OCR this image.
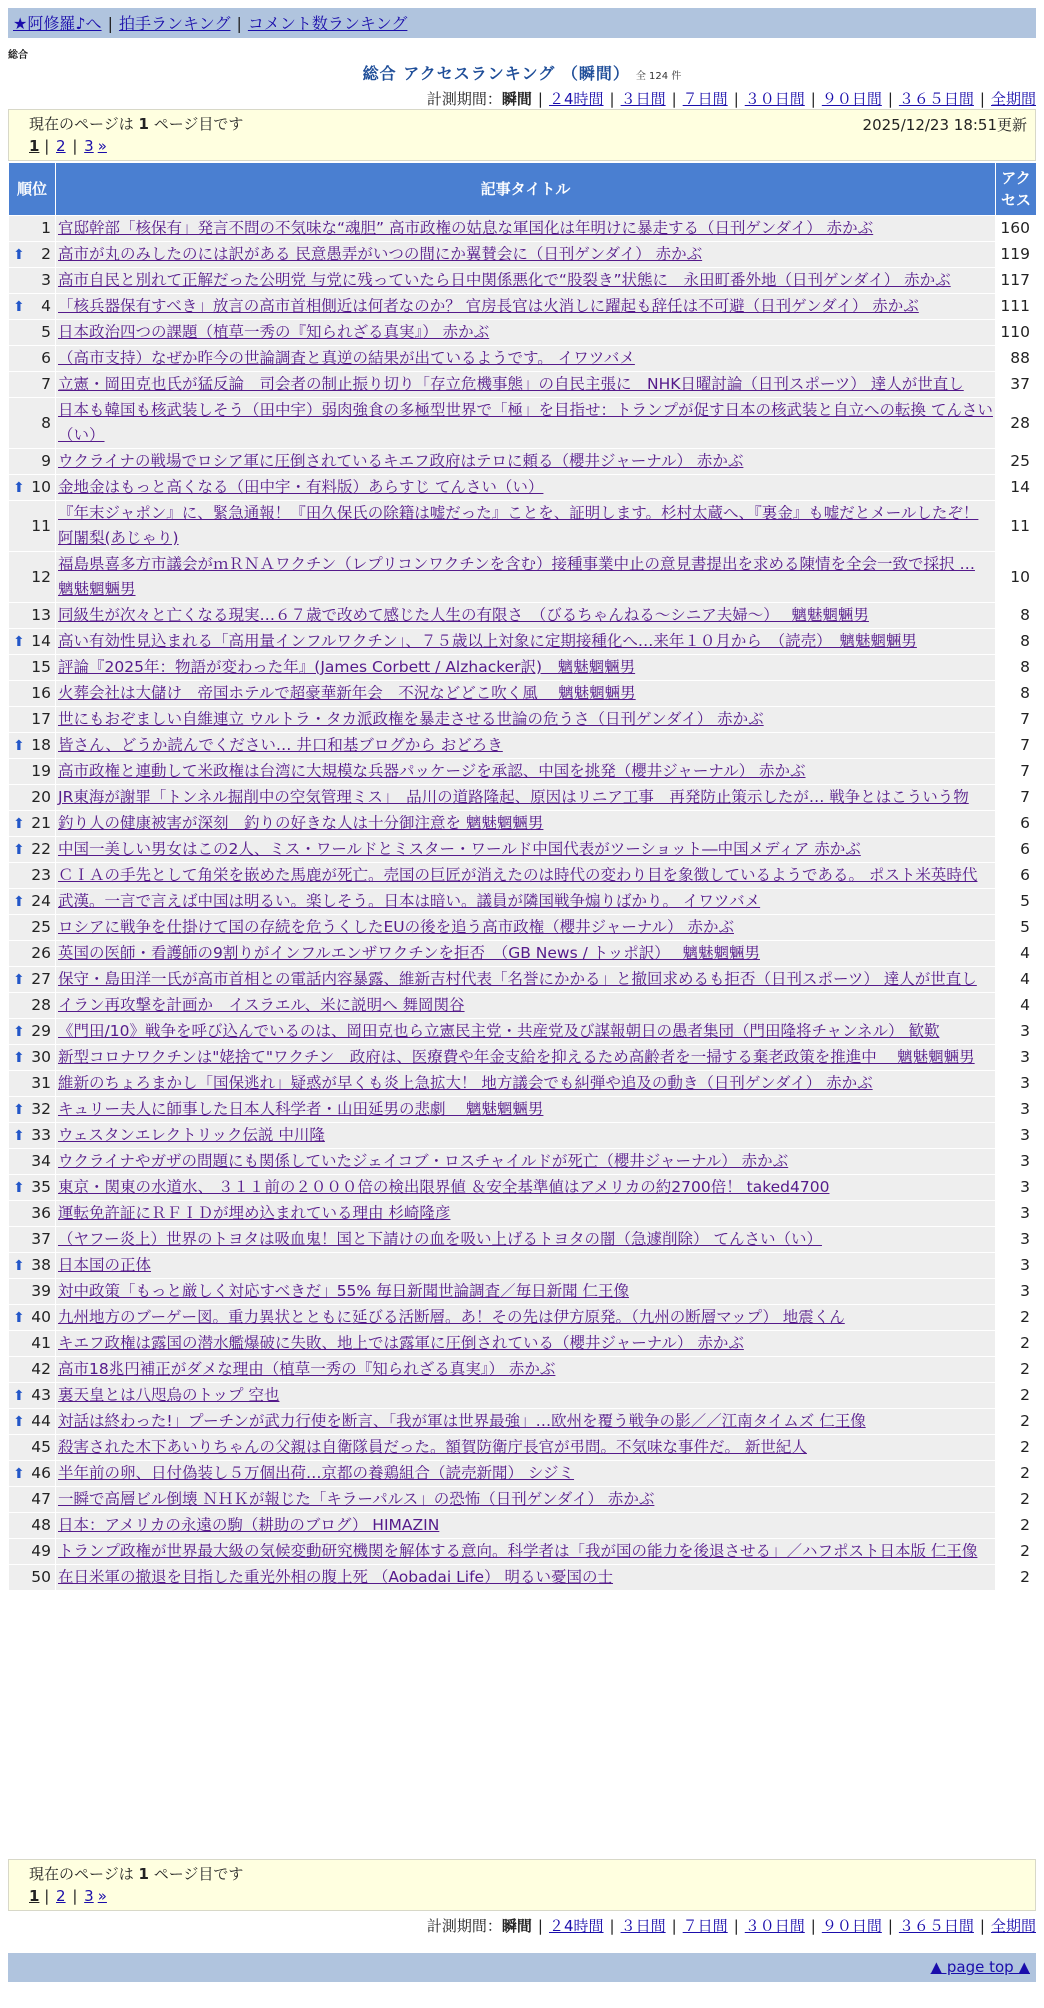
★阿修羅♪へ | 拍手ランキング | コメント数ランキング
総合
総合 アクセスランキング （瞬間） 全 124 件
計測期間：瞬間 | ２4時間 | ３日間 | ７日間 | ３０日間 | ９０日間 | ３６５日間 | 全期間
現在のページは 1 ページ目です	2025/12/23 18:51更新
1 | 2 | 3 »
順位	記事タイトル	アクセス
1	官邸幹部「核保有」発言不問の不気味な“魂胆” 高市政権の姑息な軍国化は年明けに暴走する（日刊ゲンダイ） 赤かぶ	160

⬆ 2	高市が丸のみしたのには訳がある 民意愚弄がいつの間にか翼賛会に（日刊ゲンダイ） 赤かぶ	119
3	高市自民と別れて正解だった公明党 与党に残っていたら日中関係悪化で“股裂き”状態に　永田町番外地（日刊ゲンダイ） 赤かぶ	117

⬆ 4	「核兵器保有すべき」放言の高市首相側近は何者なのか？ 官房長官は火消しに躍起も辞任は不可避（日刊ゲンダイ） 赤かぶ	111
5	日本政治四つの課題（植草一秀の『知られざる真実』） 赤かぶ	110
6	（高市支持）なぜか昨今の世論調査と真逆の結果が出ているようです。 イワツバメ	88
7	立憲・岡田克也氏が猛反論　司会者の制止振り切り「存立危機事態」の自民主張に　NHK日曜討論（日刊スポーツ） 達人が世直し	37
8	日本も韓国も核武装しそう（田中宇）弱肉強食の多極型世界で「極」を目指せ：トランプが促す日本の核武装と自立への転換 てんさい（い）	28
9	ウクライナの戦場でロシア軍に圧倒されているキエフ政府はテロに頼る（櫻井ジャーナル） 赤かぶ	25

⬆ 10	金地金はもっと高くなる（田中宇・有料版）あらすじ てんさい（い）	14
11	『年末ジャポン』に、緊急通報！『田久保氏の除籍は嘘だった』ことを、証明します。杉村太蔵へ、『裏金』も嘘だとメールしたぞ！ 阿闍梨(あじゃり)	11
12	福島県喜多方市議会がｍＲＮＡワクチン（レプリコンワクチンを含む）接種事業中止の意見書提出を求める陳情を全会一致で採択 … 魑魅魍魎男	10
13	同級生が次々と亡くなる現実…６７歳で改めて感じた人生の有限さ　（びるちゃんねる～シニア夫婦～）　 魑魅魍魎男	8

⬆ 14	高い有効性見込まれる「高用量インフルワクチン」、７５歳以上対象に定期接種化へ…来年１０月から　（読売）　魑魅魍魎男	8
15	評論『2025年：物語が変わった年』(James Corbett / Alzhacker訳)　魑魅魍魎男	8
16	火葬会社は大儲け　帝国ホテルで超豪華新年会　不況などどこ吹く風　 魑魅魍魎男	8
17	世にもおぞましい自維連立 ウルトラ・タカ派政権を暴走させる世論の危うさ（日刊ゲンダイ） 赤かぶ	7

⬆ 18	皆さん、どうか読んでください… 井口和基ブログから おどろき	7
19	高市政権と連動して米政権は台湾に大規模な兵器パッケージを承認、中国を挑発（櫻井ジャーナル） 赤かぶ	7
20	JR東海が謝罪「トンネル掘削中の空気管理ミス」　品川の道路隆起、原因はリニア工事　再発防止策示したが… 戦争とはこういう物	7

⬆ 21	釣り人の健康被害が深刻　釣りの好きな人は十分御注意を 魑魅魍魎男	6

⬆ 22	中国一美しい男女はこの2人、ミス・ワールドとミスター・ワールド中国代表がツーショット―中国メディア 赤かぶ	6
23	ＣＩＡの手先として角栄を嵌めた馬鹿が死亡。売国の巨匠が消えたのは時代の変わり目を象徴しているようである。 ポスト米英時代	6

⬆ 24	武漢。一言で言えば中国は明るい。楽しそう。日本は暗い。議員が隣国戦争煽りばかり。 イワツバメ	5
25	ロシアに戦争を仕掛けて国の存続を危うくしたEUの後を追う高市政権（櫻井ジャーナル） 赤かぶ	5
26	英国の医師・看護師の9割りがインフルエンザワクチンを拒否　（GB News / トッポ訳）　 魑魅魍魎男	4

⬆ 27	保守・島田洋一氏が高市首相との電話内容暴露、維新吉村代表「名誉にかかる」と撤回求めるも拒否（日刊スポーツ） 達人が世直し	4
28	イラン再攻撃を計画か　イスラエル、米に説明へ 舞岡関谷	4

⬆ 29	《門田/10》戦争を呼び込んでいるのは、岡田克也ら立憲民主党・共産党及び謀報朝日の愚者集団（門田隆将チャンネル） 歓歎	3

⬆ 30	新型コロナワクチンは"姥捨て"ワクチン　政府は、医療費や年金支給を抑えるため高齢者を一掃する棄老政策を推進中　 魑魅魍魎男	3
31	維新のちょろまかし「国保逃れ」疑惑が早くも炎上急拡大！ 地方議会でも糾弾や追及の動き（日刊ゲンダイ） 赤かぶ	3

⬆ 32	キュリー夫人に師事した日本人科学者・山田延男の悲劇　 魑魅魍魎男	3

⬆ 33	ウェスタンエレクトリック伝説 中川隆	3
34	ウクライナやガザの問題にも関係していたジェイコブ・ロスチャイルドが死亡（櫻井ジャーナル） 赤かぶ	3

⬆ 35	東京・関東の水道水、 ３１１前の２０００倍の検出限界値 ＆安全基準値はアメリカの約2700倍！ taked4700	3
36	運転免許証にＲＦＩＤが埋め込まれている理由 杉崎隆彦	3
37	（ヤフー炎上）世界のトヨタは吸血鬼！国と下請けの血を吸い上げるトヨタの闇（急遽削除） てんさい（い）	3

⬆ 38	日本国の正体	3
39	対中政策「もっと厳しく対応すべきだ」55% 毎日新聞世論調査／毎日新聞 仁王像	3

⬆ 40	九州地方のブーゲー図。重力異状とともに延びる活断層。あ！その先は伊方原発。（九州の断層マップ） 地震くん	2
41	キエフ政権は露国の潜水艦爆破に失敗、地上では露軍に圧倒されている（櫻井ジャーナル） 赤かぶ	2
42	高市18兆円補正がダメな理由（植草一秀の『知られざる真実』） 赤かぶ	2

⬆ 43	裏天皇とは八咫烏のトップ 空也	2

⬆ 44	対話は終わった!」プーチンが武力行使を断言、「我が軍は世界最強」…欧州を覆う戦争の影／／江南タイムズ 仁王像	2
45	殺害された木下あいりちゃんの父親は自衛隊員だった。額賀防衛庁長官が弔問。不気味な事件だ。 新世紀人	2

⬆ 46	半年前の卵、日付偽装し５万個出荷…京都の養鶏組合（読売新聞） シジミ	2
47	一瞬で高層ビル倒壊 ＮＨＫが報じた「キラーパルス」の恐怖（日刊ゲンダイ） 赤かぶ	2
48	日本：アメリカの永遠の駒（耕助のブログ） HIMAZIN	2
49	トランプ政権が世界最大級の気候変動研究機関を解体する意向。科学者は「我が国の能力を後退させる」／ハフポスト日本版 仁王像	2
50	在日米軍の撤退を目指した重光外相の腹上死 （Aobadai Life） 明るい憂国の士	2
現在のページは 1 ページ目です
1 | 2 | 3 »
計測期間：瞬間 | ２4時間 | ３日間 | ７日間 | ３０日間 | ９０日間 | ３６５日間 | 全期間
▲ page top ▲
